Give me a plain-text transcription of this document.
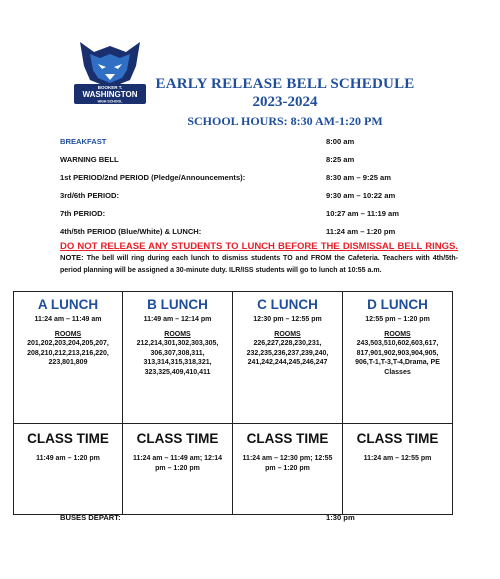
BOOKER T.
WASHINGTON
HIGH SCHOOL
EARLY RELEASE BELL SCHEDULE
2023-2024
SCHOOL HOURS: 8:30 AM-1:20 PM
BREAKFAST	8:00 am
WARNING BELL	8:25 am
1st PERIOD/2nd PERIOD (Pledge/Announcements):	8:30 am – 9:25 am
3rd/6th PERIOD:	9:30 am – 10:22 am
7th PERIOD:	10:27 am – 11:19 am
4th/5th PERIOD (Blue/White) & LUNCH:	11:24 am – 1:20 pm
DO NOT RELEASE ANY STUDENTS TO LUNCH BEFORE THE DISMISSAL BELL RINGS. NOTE: The bell will ring during each lunch to dismiss students TO and FROM the Cafeteria. Teachers with 4th/5th-period planning will be assigned a 30-minute duty. ILR/ISS students will go to lunch at 10:55 a.m.
A LUNCH
11:24 am – 11:49 am
ROOMS
201,202,203,204,205,207, 208,210,212,213,216,220, 223,801,809
B LUNCH
11:49 am – 12:14 pm
ROOMS
212,214,301,302,303,305, 306,307,308,311, 313,314,315,318,321, 323,325,409,410,411
C LUNCH
12:30 pm – 12:55 pm
ROOMS
226,227,228,230,231, 232,235,236,237,239,240, 241,242,244,245,246,247
D LUNCH
12:55 pm – 1:20 pm
ROOMS
243,503,510,602,603,617, 817,901,902,903,904,905, 906,T-1,T-3,T-4,Drama, PE Classes
CLASS TIME
11:49 am – 1:20 pm
CLASS TIME
11:24 am – 11:49 am; 12:14 pm – 1:20 pm
CLASS TIME
11:24 am – 12:30 pm; 12:55 pm – 1:20 pm
CLASS TIME
11:24 am – 12:55 pm
BUSES DEPART:	1:30 pm
